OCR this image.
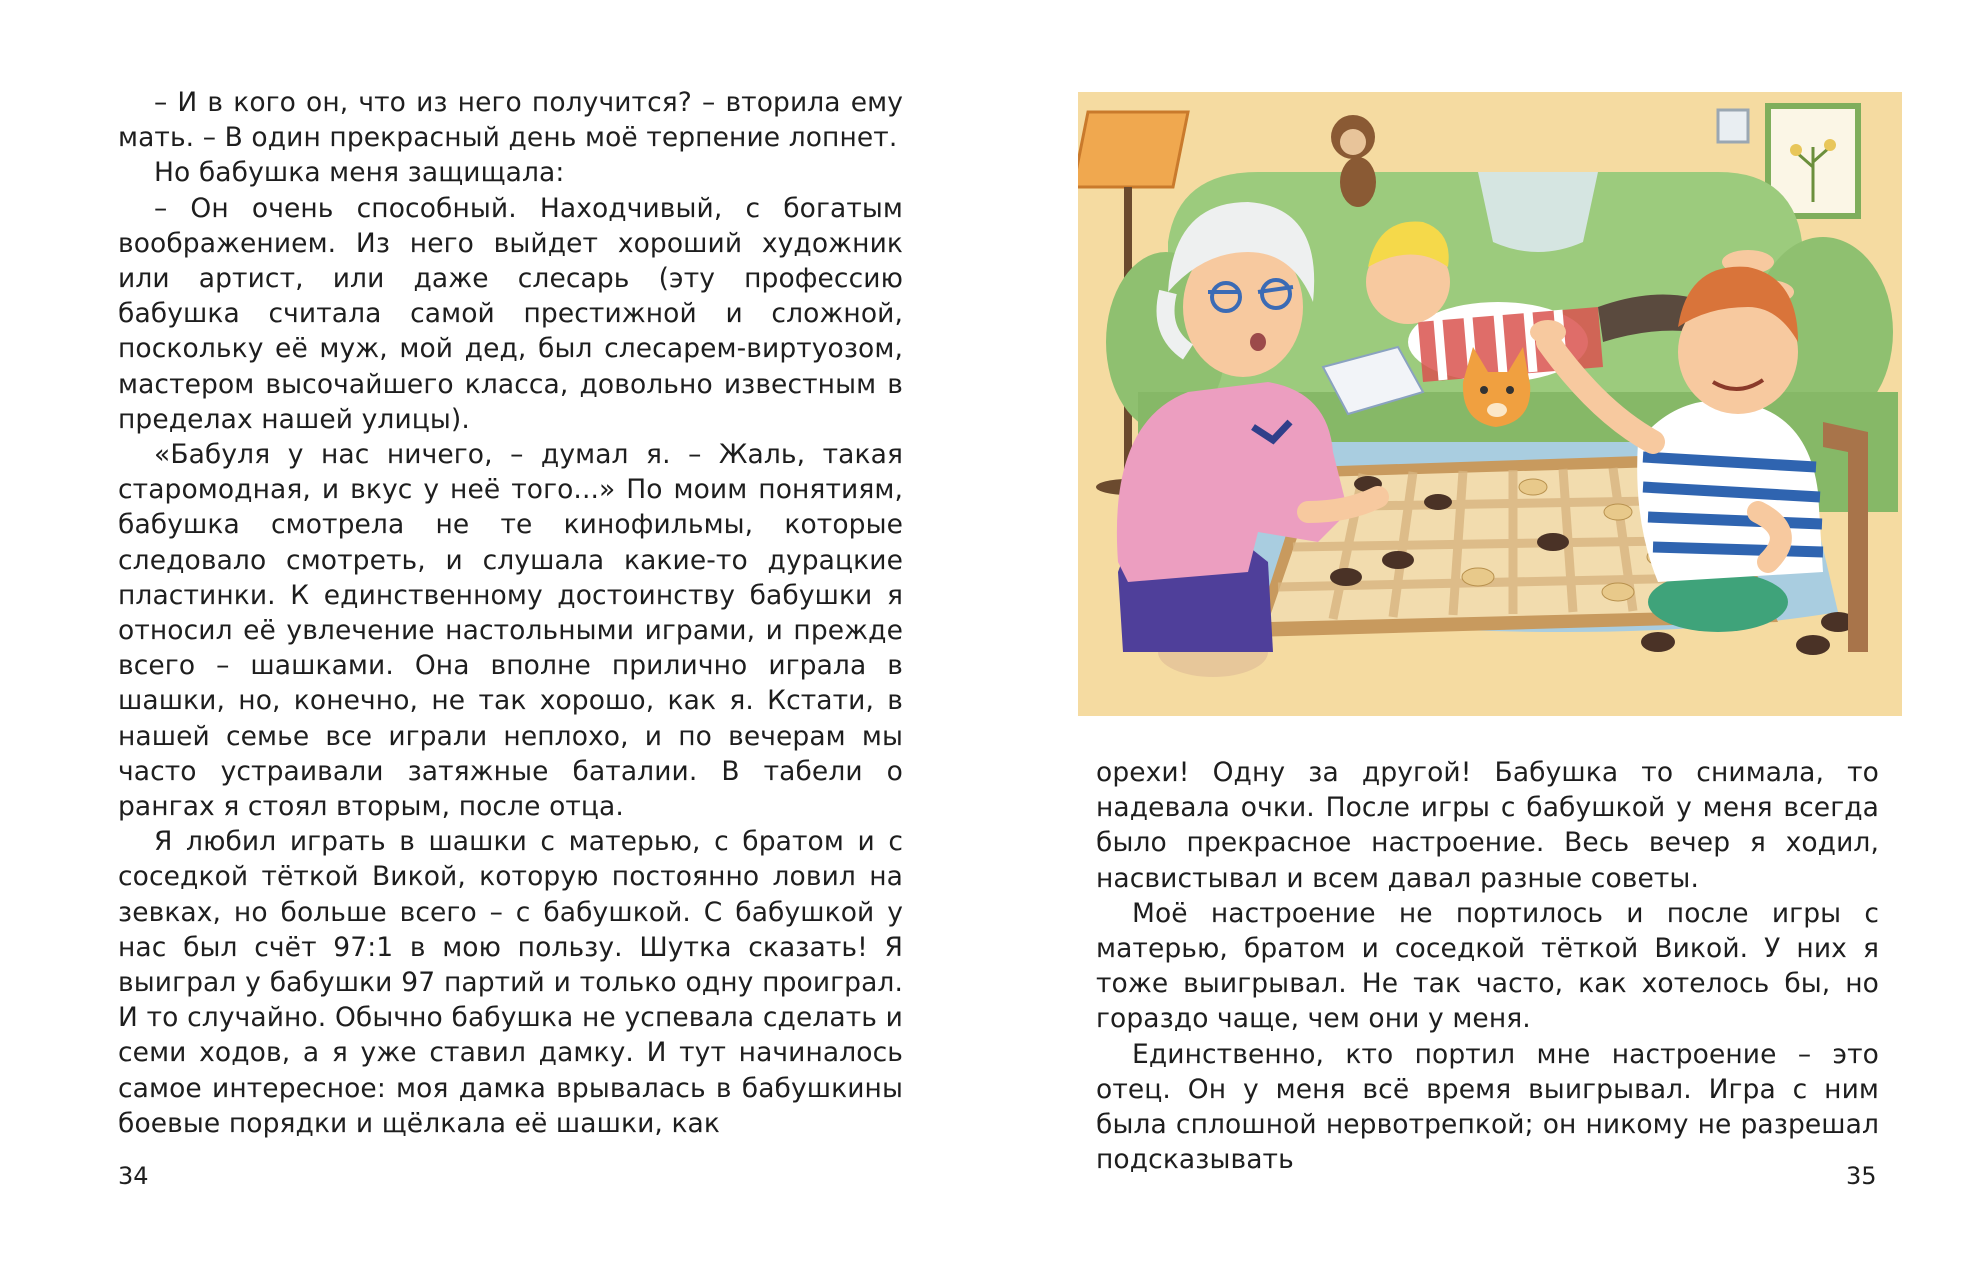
– И в кого он, что из него получится? – вторила ему мать. – В один прекрасный день моё терпение лопнет.

Но бабушка меня защищала:

– Он очень способный. Находчивый, с богатым воображением. Из него выйдет хороший художник или артист, или даже слесарь (эту профессию бабушка считала самой престижной и сложной, поскольку её муж, мой дед, был слесарем-виртуозом, мастером высочайшего класса, довольно известным в пределах нашей улицы).

«Бабуля у нас ничего, – думал я. – Жаль, такая старомодная, и вкус у неё того...» По моим понятиям, бабушка смотрела не те кинофильмы, которые следовало смотреть, и слушала какие-то дурацкие пластинки. К единственному достоинству бабушки я относил её увлечение настольными играми, и прежде всего – шашками. Она вполне прилично играла в шашки, но, конечно, не так хорошо, как я. Кстати, в нашей семье все играли неплохо, и по вечерам мы часто устраивали затяжные баталии. В табели о рангах я стоял вторым, после отца.

Я любил играть в шашки с матерью, с братом и с соседкой тёткой Викой, которую постоянно ловил на зевках, но больше всего – с бабушкой. С бабушкой у нас был счёт 97:1 в мою пользу. Шутка сказать! Я выиграл у бабушки 97 партий и только одну проиграл. И то случайно. Обычно бабушка не успевала сделать и семи ходов, а я уже ставил дамку. И тут начиналось самое интересное: моя дамка врывалась в бабушкины боевые порядки и щёлкала её шашки, как

34

орехи! Одну за другой! Бабушка то снимала, то надевала очки. После игры с бабушкой у меня всегда было прекрасное настроение. Весь вечер я ходил, насвистывал и всем давал разные советы.

Моё настроение не портилось и после игры с матерью, братом и соседкой тёткой Викой. У них я тоже выигрывал. Не так часто, как хотелось бы, но гораздо чаще, чем они у меня.

Единственно, кто портил мне настроение – это отец. Он у меня всё время выигрывал. Игра с ним была сплошной нервотрепкой; он никому не разрешал подсказывать

35
